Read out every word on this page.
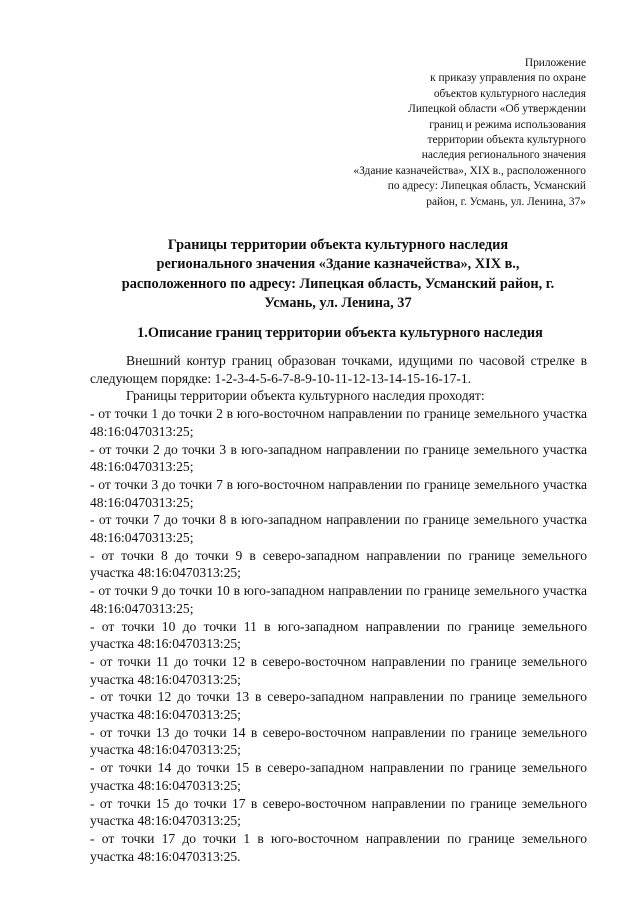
Приложение
к приказу управления по охране
объектов культурного наследия
Липецкой области «Об утверждении
границ и режима использования
территории объекта культурного
наследия регионального значения
«Здание казначейства», XIX в., расположенного
по адресу: Липецкая область, Усманский
район, г. Усмань, ул. Ленина, 37»
Границы территории объекта культурного наследия
регионального значения «Здание казначейства», XIX в.,
расположенного по адресу: Липецкая область, Усманский район, г.
Усмань, ул. Ленина, 37
1.Описание границ территории объекта культурного наследия
Внешний контур границ образован точками, идущими по часовой стрелке в следующем порядке: 1-2-3-4-5-6-7-8-9-10-11-12-13-14-15-16-17-1.
Границы территории объекта культурного наследия проходят:
- от точки 1 до точки 2 в юго-восточном направлении по границе земельного участка 48:16:0470313:25;
- от точки 2 до точки 3 в юго-западном направлении по границе земельного участка 48:16:0470313:25;
- от точки 3 до точки 7 в юго-восточном направлении по границе земельного участка 48:16:0470313:25;
- от точки 7 до точки 8 в юго-западном направлении по границе земельного участка 48:16:0470313:25;
- от точки 8 до точки 9 в северо-западном направлении по границе земельного участка 48:16:0470313:25;
- от точки 9 до точки 10 в юго-западном направлении по границе земельного участка 48:16:0470313:25;
- от точки 10 до точки 11 в юго-западном направлении по границе земельного участка 48:16:0470313:25;
- от точки 11 до точки 12 в северо-восточном направлении по границе земельного участка 48:16:0470313:25;
- от точки 12 до точки 13 в северо-западном направлении по границе земельного участка 48:16:0470313:25;
- от точки 13 до точки 14 в северо-восточном направлении по границе земельного участка 48:16:0470313:25;
- от точки 14 до точки 15 в северо-западном направлении по границе земельного участка 48:16:0470313:25;
- от точки 15 до точки 17 в северо-восточном направлении по границе земельного участка 48:16:0470313:25;
- от точки 17 до точки 1 в юго-восточном направлении по границе земельного участка 48:16:0470313:25.
